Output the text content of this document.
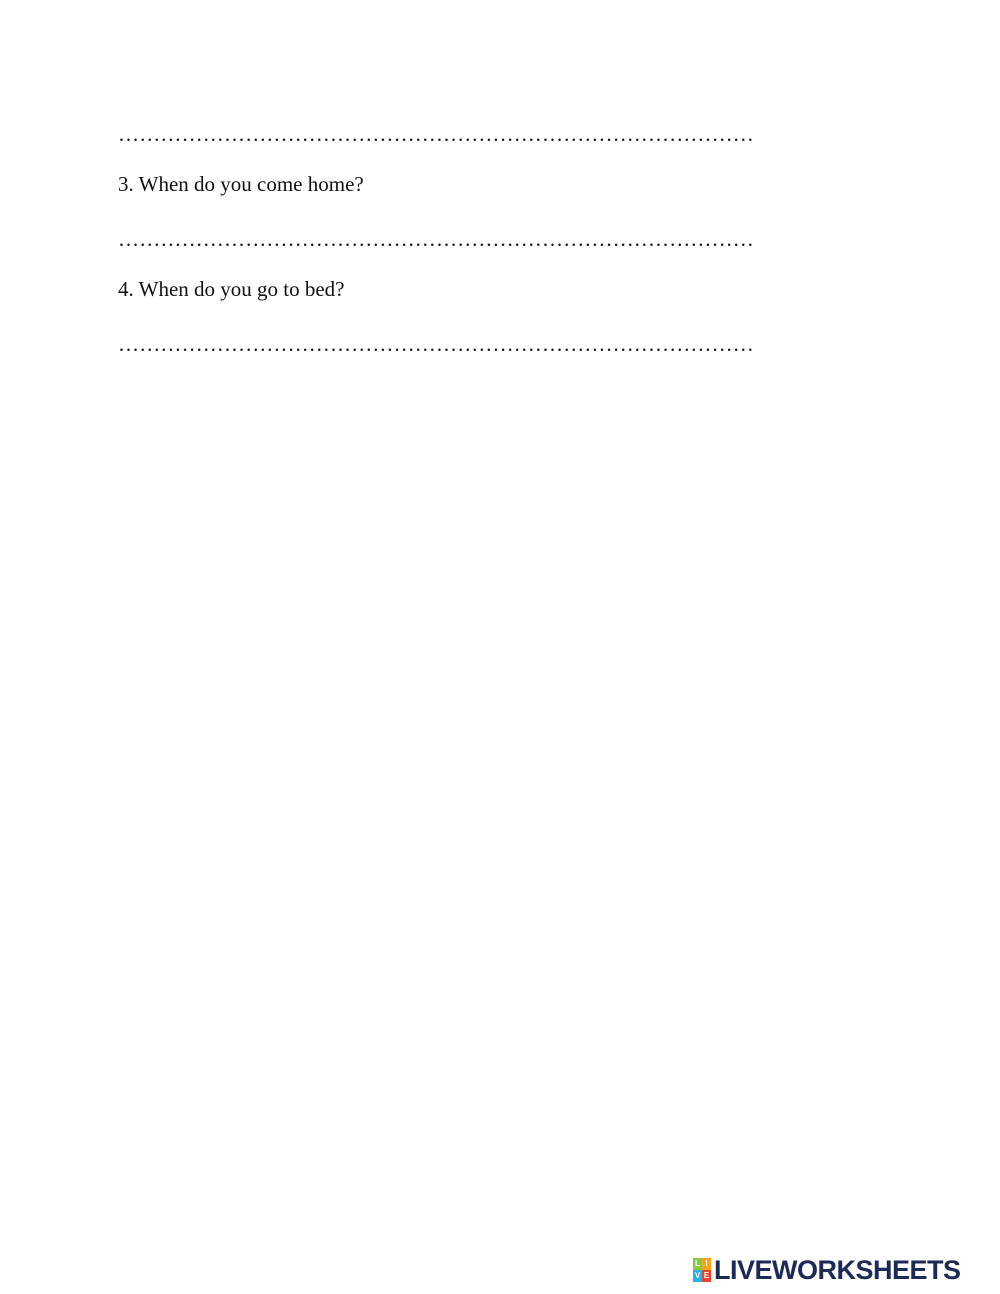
………………………………………………………………………………
3. When do you come home?
………………………………………………………………………………
4. When do you go to bed?
………………………………………………………………………………
L I
V E LIVEWORKSHEETS
